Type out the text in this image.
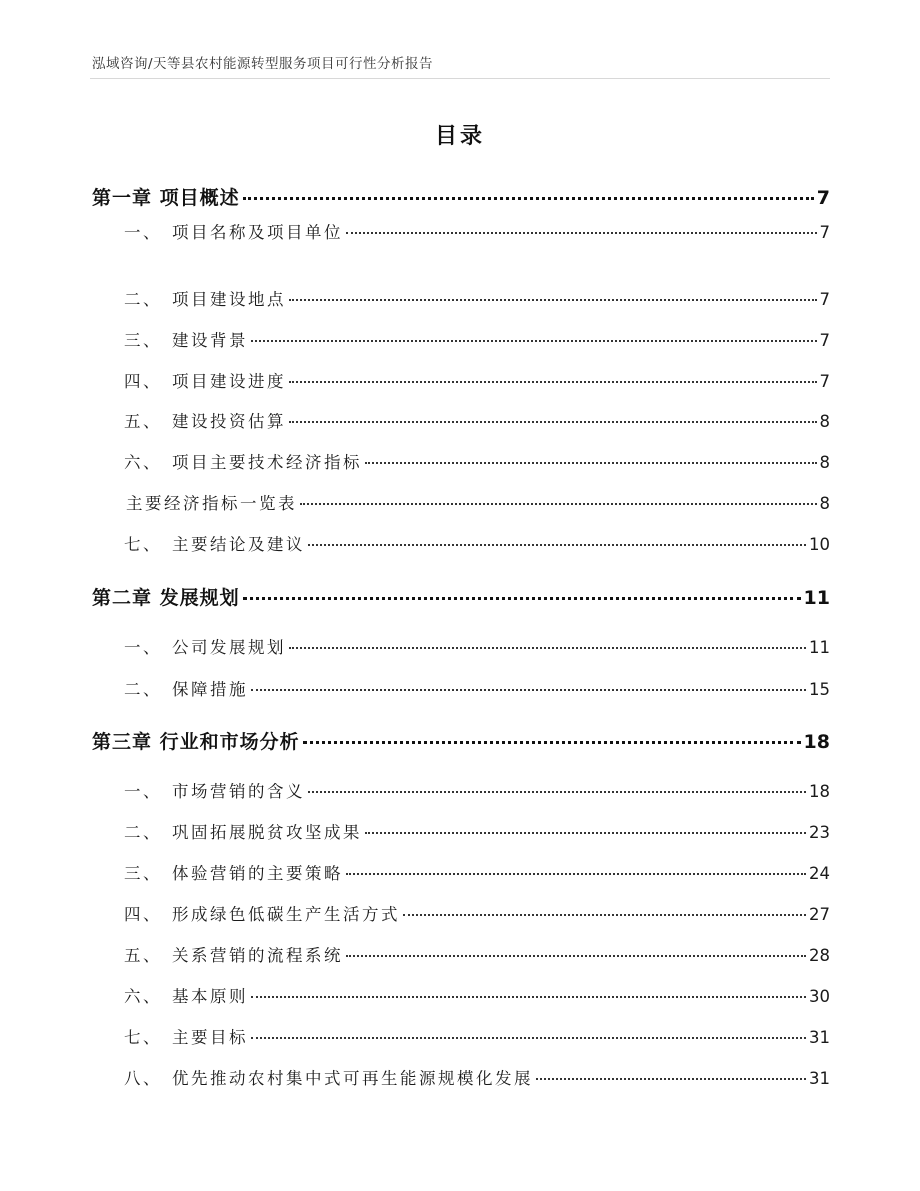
泓域咨询/天等县农村能源转型服务项目可行性分析报告
目录
第一章 项目概述	7
一、 项目名称及项目单位	7
二、 项目建设地点	7
三、 建设背景	7
四、 项目建设进度	7
五、 建设投资估算	8
六、 项目主要技术经济指标	8
主要经济指标一览表	8
七、 主要结论及建议	10
第二章 发展规划	11
一、 公司发展规划	11
二、 保障措施	15
第三章 行业和市场分析	18
一、 市场营销的含义	18
二、 巩固拓展脱贫攻坚成果	23
三、 体验营销的主要策略	24
四、 形成绿色低碳生产生活方式	27
五、 关系营销的流程系统	28
六、 基本原则	30
七、 主要目标	31
八、 优先推动农村集中式可再生能源规模化发展	31
